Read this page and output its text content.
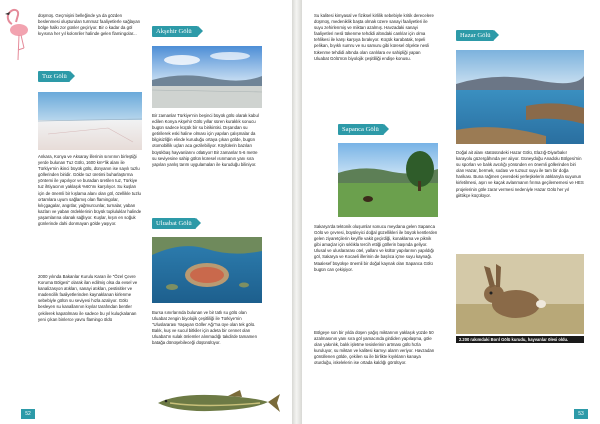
düşmüş. Geçmişini belleğinde ya da gözden beslenmesi oluşturulan turnmaz faaliyetlerle sağlayan bölge halkı zor günler geçiriyor. Bir o kadar da göl kıyısına her yıl kolonriler halinde gelen flamingolar...
Tuz Gölü
Ankara, Konya ve Aksaray illerinin sınırının birleştiği yerde bulunan Tuz Gölü, 1600 km²'lik alanı ile Türkiye'nin ikinci büyük gölü, dünyanın ise sayılı tuzlu göllerinden biridir. Gölde tuz üretimi buharlaştırma yöntemi ile yapılıyor ve buradan üretilen tuz, Türkiye tuz ihtiyacının yaklaşık %60'ını karşılıyor. Su kuşları için de önemli bir kışlama alanı olan göl, özellikle tuzlu ortamlara uyum sağlamış olan flamingolar, kılıçgagalar, angıtlar, yağmurcunlar, turnalar, yaban kazları ve yaban ördeklerinin büyük topluluklar halinde yaşamlarına olanak sağlıyor. Kuşlar, kışın en soğuk günlerinde dahi donmayan gölde yaşıyor.
2000 yılında Bakanlar Kurulu Kararı ile "Özel Çevre Koruma Bölgesi" olarak ilan edilmiş olsa da evsel ve kanalizasyon atıkları, sanayi atıkları, pestisitler ve madencilik faaliyetlerinden kaynaklanan kirlenme sebebiyle gölün su seviyesi hızla azalıyor. Gölü besleyen su kanallarının kıyılar tarafından bentler çekilerek kapatılması ile sadece bu yıl kuluçkalanan yeni çıkan binlerce yavru flamingo öldü
Akşehir Gölü
Bir zamanlar Türkiye'nin beşinci büyük gölü olarak kabul edilen Konya Akşehir Gölü yıllar süren kuraklık sonucu bugün sadece küçük bir su birikintisi. Dışarıdan su getirilerek eski haline olması için yapılan çalışmalar da bilgisizliğin elinde kuruduğu ortaya çıkan gölde, bugün otomobillik uçları aca gezilebiliyor. Köylülerin bazıları büyükbaş hayvanlarını otlatıyor! Bir zamanlar 5-6 metre su seviyesine sahip gölün küresel ısınmanın yanı sıra yapılan yanlış tarım uygulamaları ile kuruduğu biliniyor.
Uluabat Gölü
Bursa sınırlarında bulunan ve bir tatlı su gölü olan Uluabat zengin biyolojik çeşitliliği ile Türkiye'nin "Uluslararası Yaşayan Göller Ağı"na üye olan tek gölü. Balık, kuş ve sucul bitkiler için adeta bir cennet olan Uluabat'ın sulak önlemler alınmadığı takdirde tamamen batağa dönüşebileceği düşünülüyor.
52
Su kalitesi kimyasal ve fiziksel kirlilik sebebiyle kritik derecelere düşmüş, medeniklik başta olmak üzere sanayi faaliyetleri ile suyu zehirlenmiş ve miktarı azalmış. Havzadaki sanayi faaliyetleri nesli tükenme tehdidi altındaki canlılar için olma tehlikesi ile karşı karşıya bırakıyor. Küçük karabatak, tepeli pelikan, bıyıklı sumru ve su samuru gibi küresel ölçekte nesli tükenme tehdidi altında olan canlılara ev sahipliği yapan Uluabat Gölü'nün biyolojik çeşitliliği endişe konusu.
Sapanca Gölü
Sakarya'da tektonik oluşumlar sonucu meydana gelen Sapanca Gölü ve çevresi, büyüleyici doğal güzellikleri ile büyük kentlerden gelen ziyaretçilerin keyifle vakit geçirdiği, konaklama ve piknik gibi amaçlar için sıklıkla tercih ettiği göllerin başında geliyor. Ulusal ve uluslararası otel, yallanı ve kültür yapılarının yapıldığı göl, Sakarya ve Kocaeli illerinin de başlıca içme suyu kaynağı. Maalesef büyükşe önemli bir doğal kaynak olan Sapanca Gölü bugün can çekişiyor.
Bölgeye son bir yılda düşen yağış miktarının yaklaşık yüzde 50 azalmasının yanı sıra göl yamacında girdiden yapılaşma, göle olan yakınlık, balık işletme tesislerinin artması gölü hızla kuruluyor, su miktarı ve kalitesi karnıyı alarm veriyor. Havzadan gönüllenen gölde, çekilen su ile birlikte kıyıkların kanaya oturduğu, iskelelerin ise ortada kaldığı görülüyor.
Hazar Gölü
Doğal ait alanı statüsündeki Hazar Gölü, Elazığ-Diyarbakır karayolu güzergâhında yer alıyor. Güneydoğu Anadolu Bölgesi'nin su sporları ve balık avcılığı yönünden en önemli göllerinden biri olan Hazar, bermek, sodası ve tuzsuz suyu ile tam bir doğa harikası. Buna rağmen çevredeki yerleşkelerin atıklarıyla suyunun kirletilmesi, aşırı ve kaçak avlanmanın fırıma geçilememesi ve HES projelerinin göle zarar vermesi nedeniyle Hazar Gölü her yıl giittikçe küçülüyor.
2.200 rakımdaki Borıl Gölü kurudu, hayvanlar ölesi oldu.
53
